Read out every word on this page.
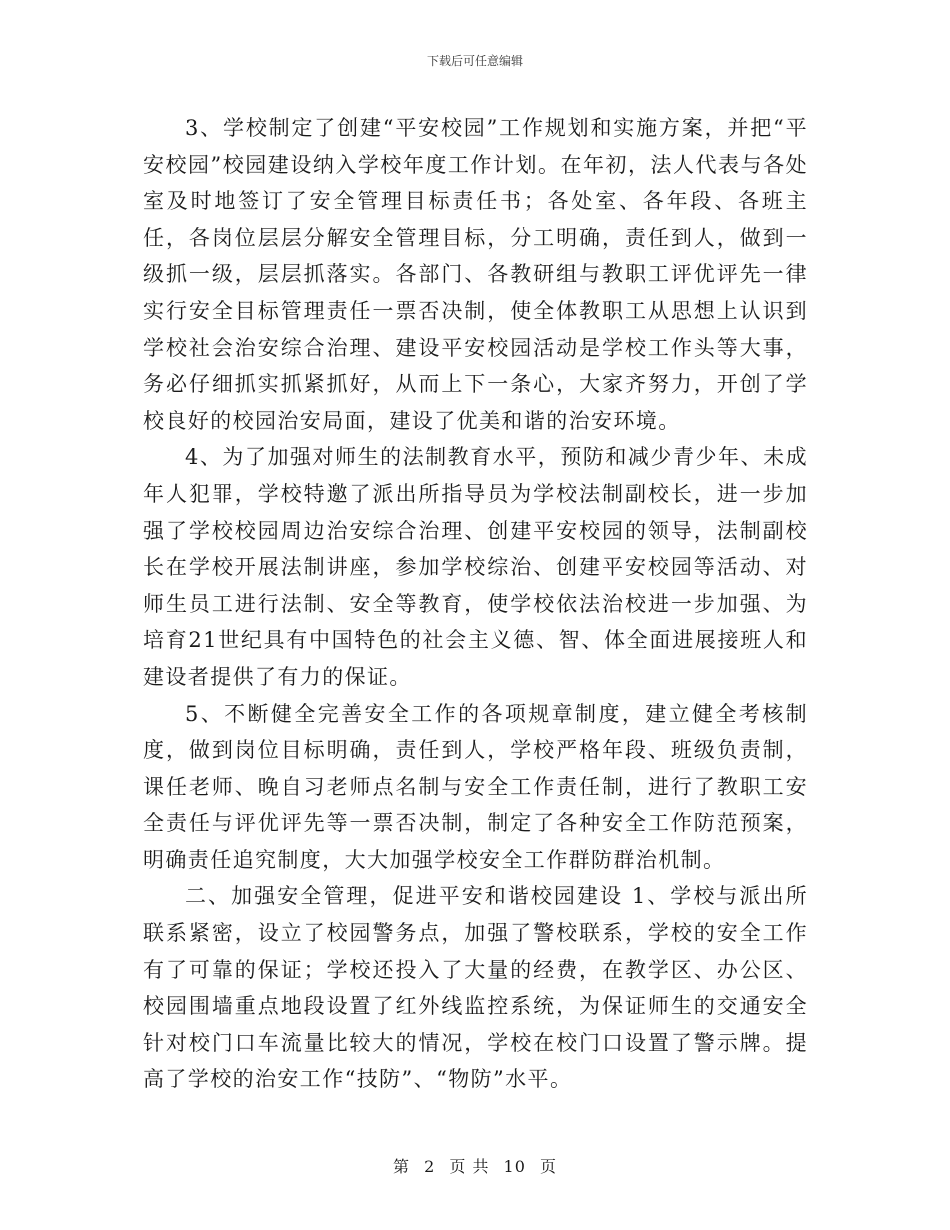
下载后可任意编辑

3、学校制定了创建“平安校园”工作规划和实施方案，并把“平安校园”校园建设纳入学校年度工作计划。在年初，法人代表与各处室及时地签订了安全管理目标责任书；各处室、各年段、各班主任，各岗位层层分解安全管理目标，分工明确，责任到人，做到一级抓一级，层层抓落实。各部门、各教研组与教职工评优评先一律实行安全目标管理责任一票否决制，使全体教职工从思想上认识到学校社会治安综合治理、建设平安校园活动是学校工作头等大事，务必仔细抓实抓紧抓好，从而上下一条心，大家齐努力，开创了学校良好的校园治安局面，建设了优美和谐的治安环境。

4、为了加强对师生的法制教育水平，预防和减少青少年、未成年人犯罪，学校特邀了派出所指导员为学校法制副校长，进一步加强了学校校园周边治安综合治理、创建平安校园的领导，法制副校长在学校开展法制讲座，参加学校综治、创建平安校园等活动、对师生员工进行法制、安全等教育，使学校依法治校进一步加强、为培育21世纪具有中国特色的社会主义德、智、体全面进展接班人和建设者提供了有力的保证。

5、不断健全完善安全工作的各项规章制度，建立健全考核制度，做到岗位目标明确，责任到人，学校严格年段、班级负责制，课任老师、晚自习老师点名制与安全工作责任制，进行了教职工安全责任与评优评先等一票否决制，制定了各种安全工作防范预案，明确责任追究制度，大大加强学校安全工作群防群治机制。

二、加强安全管理，促进平安和谐校园建设 1、学校与派出所联系紧密，设立了校园警务点，加强了警校联系，学校的安全工作有了可靠的保证；学校还投入了大量的经费，在教学区、办公区、校园围墙重点地段设置了红外线监控系统，为保证师生的交通安全针对校门口车流量比较大的情况，学校在校门口设置了警示牌。提高了学校的治安工作“技防”、“物防”水平。

第 2 页 共 10 页
